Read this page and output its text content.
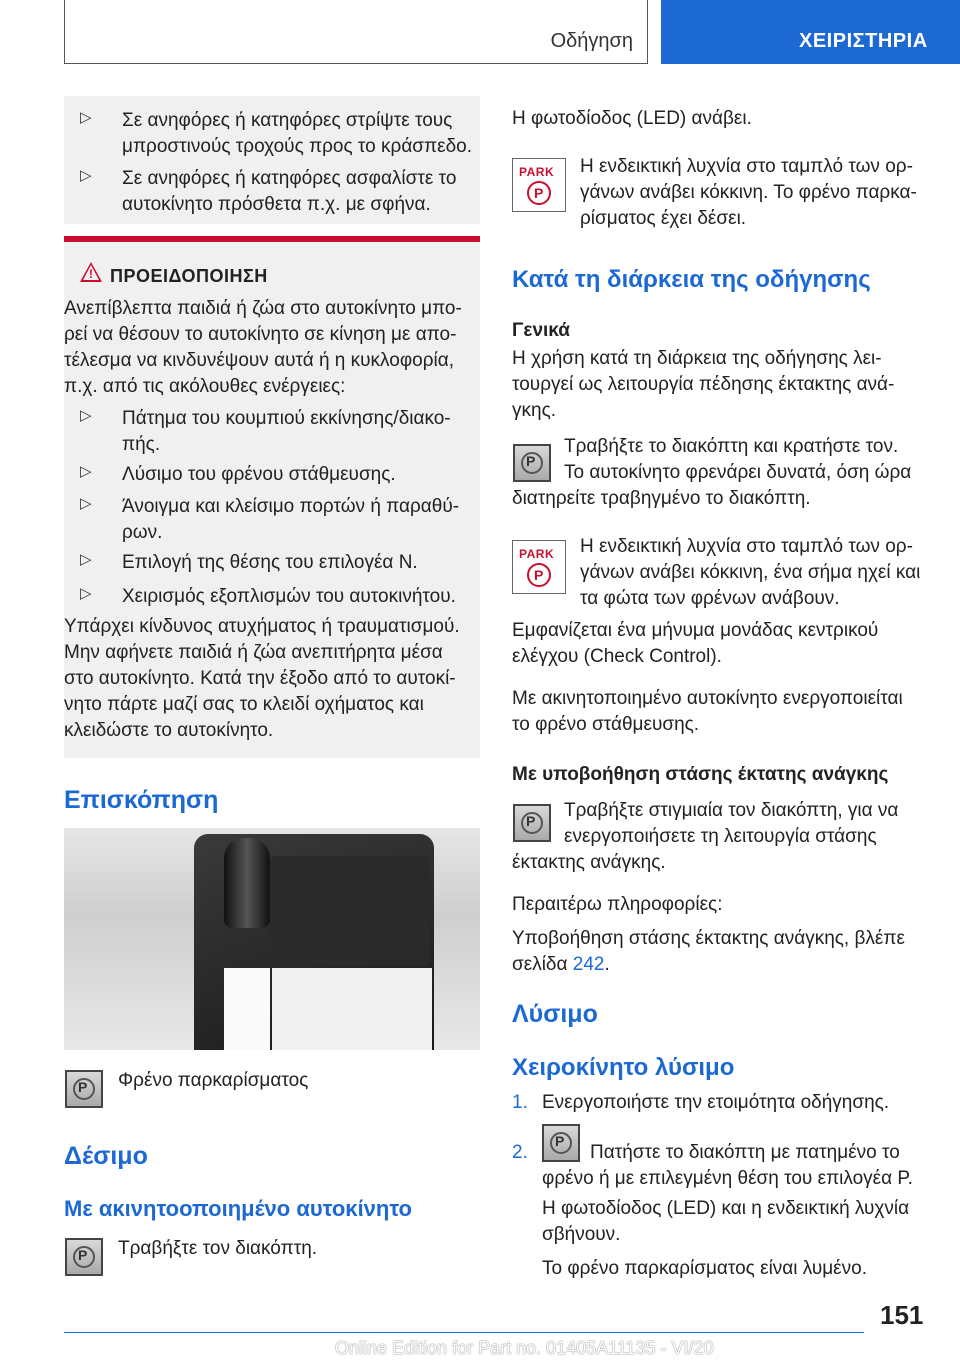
Οδήγηση	ΧΕΙΡΙΣΤΗΡΙΑ
▷ Σε ανηφόρες ή κατηφόρες στρίψτε τους
μπροστινούς τροχούς προς το κράσπεδο.
▷ Σε ανηφόρες ή κατηφόρες ασφαλίστε το
αυτοκίνητο πρόσθετα π.χ. με σφήνα.
! ΠΡΟΕΙΔΟΠΟΙΗΣΗ
Ανεπίβλεπτα παιδιά ή ζώα στο αυτοκίνητο μπο-
ρεί να θέσουν το αυτοκίνητο σε κίνηση με απο-
τέλεσμα να κινδυνέψουν αυτά ή η κυκλοφορία,
π.χ. από τις ακόλουθες ενέργειες:
▷ Πάτημα του κουμπιού εκκίνησης/διακο-
πής.
▷ Λύσιμο του φρένου στάθμευσης.
▷ Άνοιγμα και κλείσιμο πορτών ή παραθύ-
ρων.
▷ Επιλογή της θέσης του επιλογέα N.
▷ Χειρισμός εξοπλισμών του αυτοκινήτου.
Υπάρχει κίνδυνος ατυχήματος ή τραυματισμού.
Μην αφήνετε παιδιά ή ζώα ανεπιτήρητα μέσα
στο αυτοκίνητο. Κατά την έξοδο από το αυτοκί-
νητο πάρτε μαζί σας το κλειδί οχήματος και
κλειδώστε το αυτοκίνητο.
Επισκόπηση
P Φρένο παρκαρίσματος
Δέσιμο
Με ακινητοοποιημένο αυτοκίνητο
P Τραβήξτε τον διακόπτη.
Η φωτοδίοδος (LED) ανάβει.
PARK
P
Η ενδεικτική λυχνία στο ταμπλό των ορ-
γάνων ανάβει κόκκινη. Το φρένο παρκα-
ρίσματος έχει δέσει.
Κατά τη διάρκεια της οδήγησης
Γενικά
Η χρήση κατά τη διάρκεια της οδήγησης λει-
τουργεί ως λειτουργία πέδησης έκτακτης ανά-
γκης.
P
Τραβήξτε το διακόπτη και κρατήστε τον.
Το αυτοκίνητο φρενάρει δυνατά, όση ώρα
διατηρείτε τραβηγμένο το διακόπτη.
PARK
P
Η ενδεικτική λυχνία στο ταμπλό των ορ-
γάνων ανάβει κόκκινη, ένα σήμα ηχεί και
τα φώτα των φρένων ανάβουν.
Εμφανίζεται ένα μήνυμα μονάδας κεντρικού
ελέγχου (Check Control).
Με ακινητοποιημένο αυτοκίνητο ενεργοποιείται
το φρένο στάθμευσης.
Με υποβοήθηση στάσης έκτατης ανάγκης
P	Τραβήξτε στιγμιαία τον διακόπτη, για να
ενεργοποιήσετε τη λειτουργία στάσης
έκτακτης ανάγκης.
Περαιτέρω πληροφορίες:
Υποβοήθηση στάσης έκτακτης ανάγκης, βλέπε
σελίδα 242.
Λύσιμο
Χειροκίνητο λύσιμο
1. Ενεργοποιήστε την ετοιμότητα οδήγησης.
2.
P
Πατήστε το διακόπτη με πατημένο το
φρένο ή με επιλεγμένη θέση του επιλογέα P.
Η φωτοδίοδος (LED) και η ενδεικτική λυχνία
σβήνουν.
Το φρένο παρκαρίσματος είναι λυμένο.
151
Online Edition for Part no. 01405A11135 - VI/20
